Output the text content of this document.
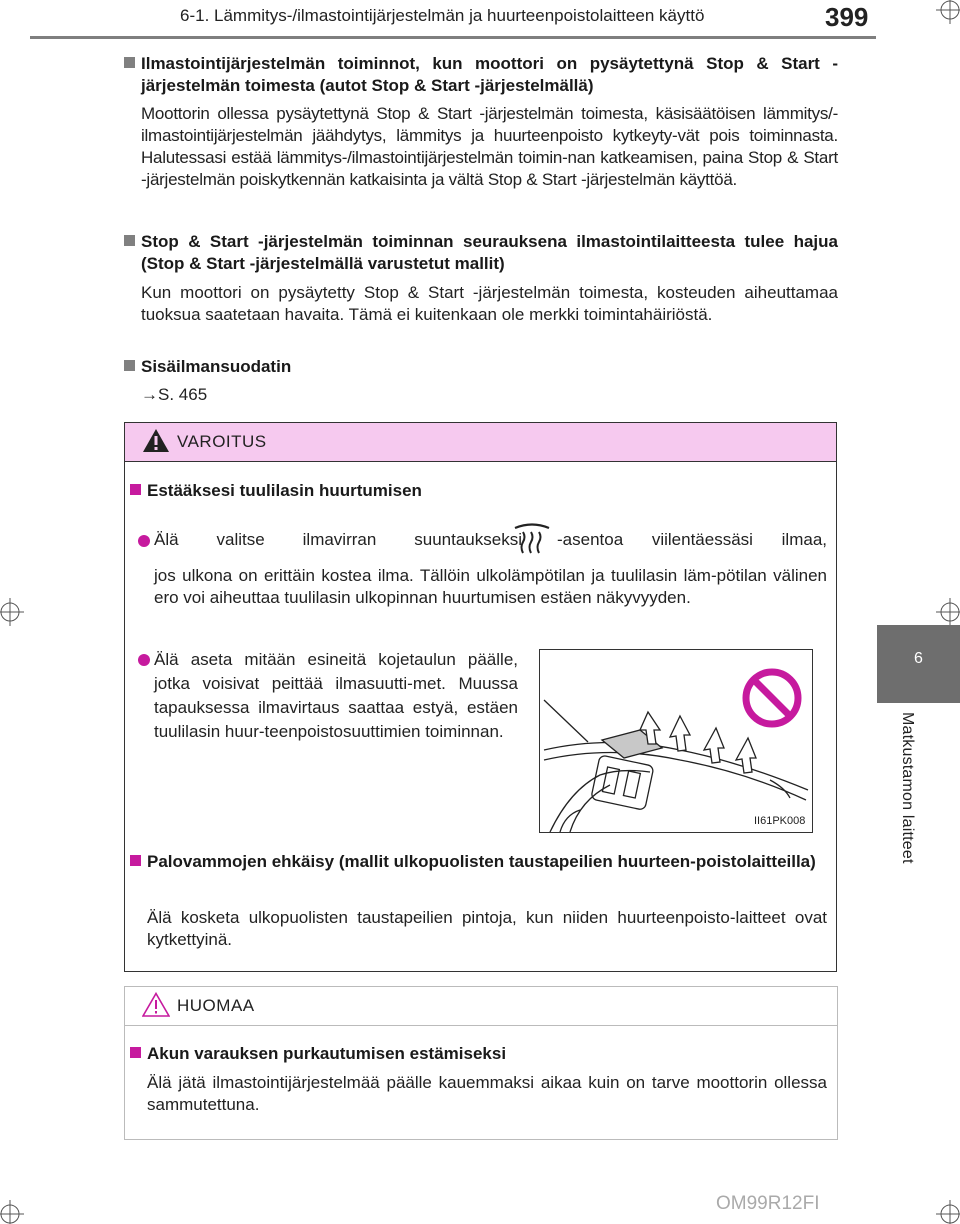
6-1. Lämmitys-/ilmastointijärjestelmän ja huurteenpoistolaitteen käyttö	399
6
Matkustamon laitteet
Ilmastointijärjestelmän toiminnot, kun moottori on pysäytettynä Stop & Start -järjestelmän toimesta (autot Stop & Start -järjestelmällä)
Moottorin ollessa pysäytettynä Stop & Start -järjestelmän toimesta, käsisäätöisen lämmitys/-ilmastointijärjestelmän jäähdytys, lämmitys ja huurteenpoisto kytkeyty-vät pois toiminnasta. Halutessasi estää lämmitys-/ilmastointijärjestelmän toimin-nan katkeamisen, paina Stop & Start -järjestelmän poiskytkennän katkaisinta ja vältä Stop & Start -järjestelmän käyttöä.
Stop & Start -järjestelmän toiminnan seurauksena ilmastointilaitteesta tulee hajua (Stop & Start -järjestelmällä varustetut mallit)
Kun moottori on pysäytetty Stop & Start -järjestelmän toimesta, kosteuden aiheuttamaa tuoksua saatetaan havaita. Tämä ei kuitenkaan ole merkki toimintahäiriöstä.
Sisäilmansuodatin
→S. 465
VAROITUS
Estääksesi tuulilasin huurtumisen
Älä valitse ilmavirran suuntaukseksi -asentoa viilentäessäsi ilmaa,
jos ulkona on erittäin kostea ilma. Tällöin ulkolämpötilan ja tuulilasin läm-pötilan välinen ero voi aiheuttaa tuulilasin ulkopinnan huurtumisen estäen näkyvyyden.
Älä aseta mitään esineitä kojetaulun päälle, jotka voisivat peittää ilmasuutti-met. Muussa tapauksessa ilmavirtaus saattaa estyä, estäen tuulilasin huur-teenpoistosuuttimien toiminnan.
II61PK008
Palovammojen ehkäisy (mallit ulkopuolisten taustapeilien huurteen-poistolaitteilla)
Älä kosketa ulkopuolisten taustapeilien pintoja, kun niiden huurteenpoisto-laitteet ovat kytkettyinä.
HUOMAA
Akun varauksen purkautumisen estämiseksi
Älä jätä ilmastointijärjestelmää päälle kauemmaksi aikaa kuin on tarve moottorin ollessa sammutettuna.
OM99R12FI
